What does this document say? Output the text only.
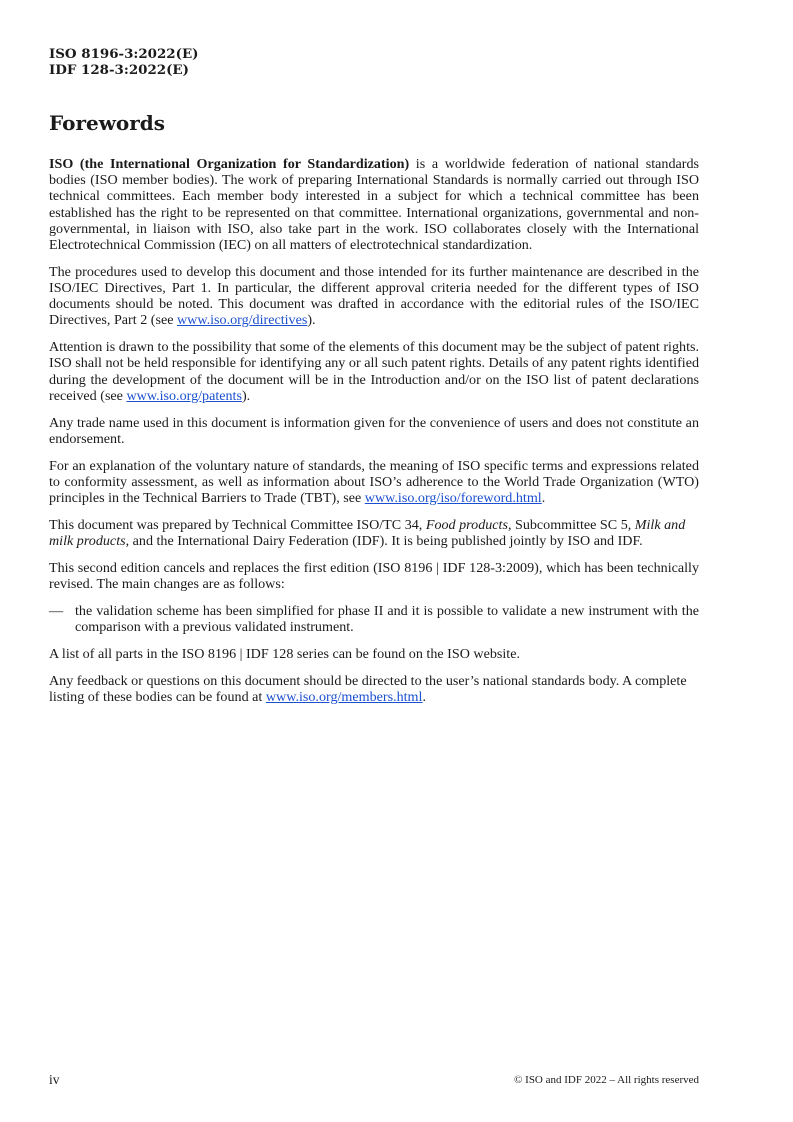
ISO 8196-3:2022(E)
IDF 128-3:2022(E)
Forewords

ISO (the International Organization for Standardization) is a worldwide federation of national standards bodies (ISO member bodies). The work of preparing International Standards is normally carried out through ISO technical committees. Each member body interested in a subject for which a technical committee has been established has the right to be represented on that committee. International organizations, governmental and non-governmental, in liaison with ISO, also take part in the work. ISO collaborates closely with the International Electrotechnical Commission (IEC) on all matters of electrotechnical standardization.

The procedures used to develop this document and those intended for its further maintenance are described in the ISO/IEC Directives, Part 1. In particular, the different approval criteria needed for the different types of ISO documents should be noted. This document was drafted in accordance with the editorial rules of the ISO/IEC Directives, Part 2 (see www.iso.org/directives).

Attention is drawn to the possibility that some of the elements of this document may be the subject of patent rights. ISO shall not be held responsible for identifying any or all such patent rights. Details of any patent rights identified during the development of the document will be in the Introduction and/or on the ISO list of patent declarations received (see www.iso.org/patents).

Any trade name used in this document is information given for the convenience of users and does not constitute an endorsement.

For an explanation of the voluntary nature of standards, the meaning of ISO specific terms and expressions related to conformity assessment, as well as information about ISO’s adherence to the World Trade Organization (WTO) principles in the Technical Barriers to Trade (TBT), see www.iso.org/iso/foreword.html.

This document was prepared by Technical Committee ISO/TC 34, Food products, Subcommittee SC 5, Milk and milk products, and the International Dairy Federation (IDF). It is being published jointly by ISO and IDF.

This second edition cancels and replaces the first edition (ISO 8196 | IDF 128-3:2009), which has been technically revised. The main changes are as follows:

— the validation scheme has been simplified for phase II and it is possible to validate a new instrument with the comparison with a previous validated instrument.

A list of all parts in the ISO 8196 | IDF 128 series can be found on the ISO website.

Any feedback or questions on this document should be directed to the user’s national standards body. A complete listing of these bodies can be found at www.iso.org/members.html.

iv	© ISO and IDF 2022 – All rights reserved
